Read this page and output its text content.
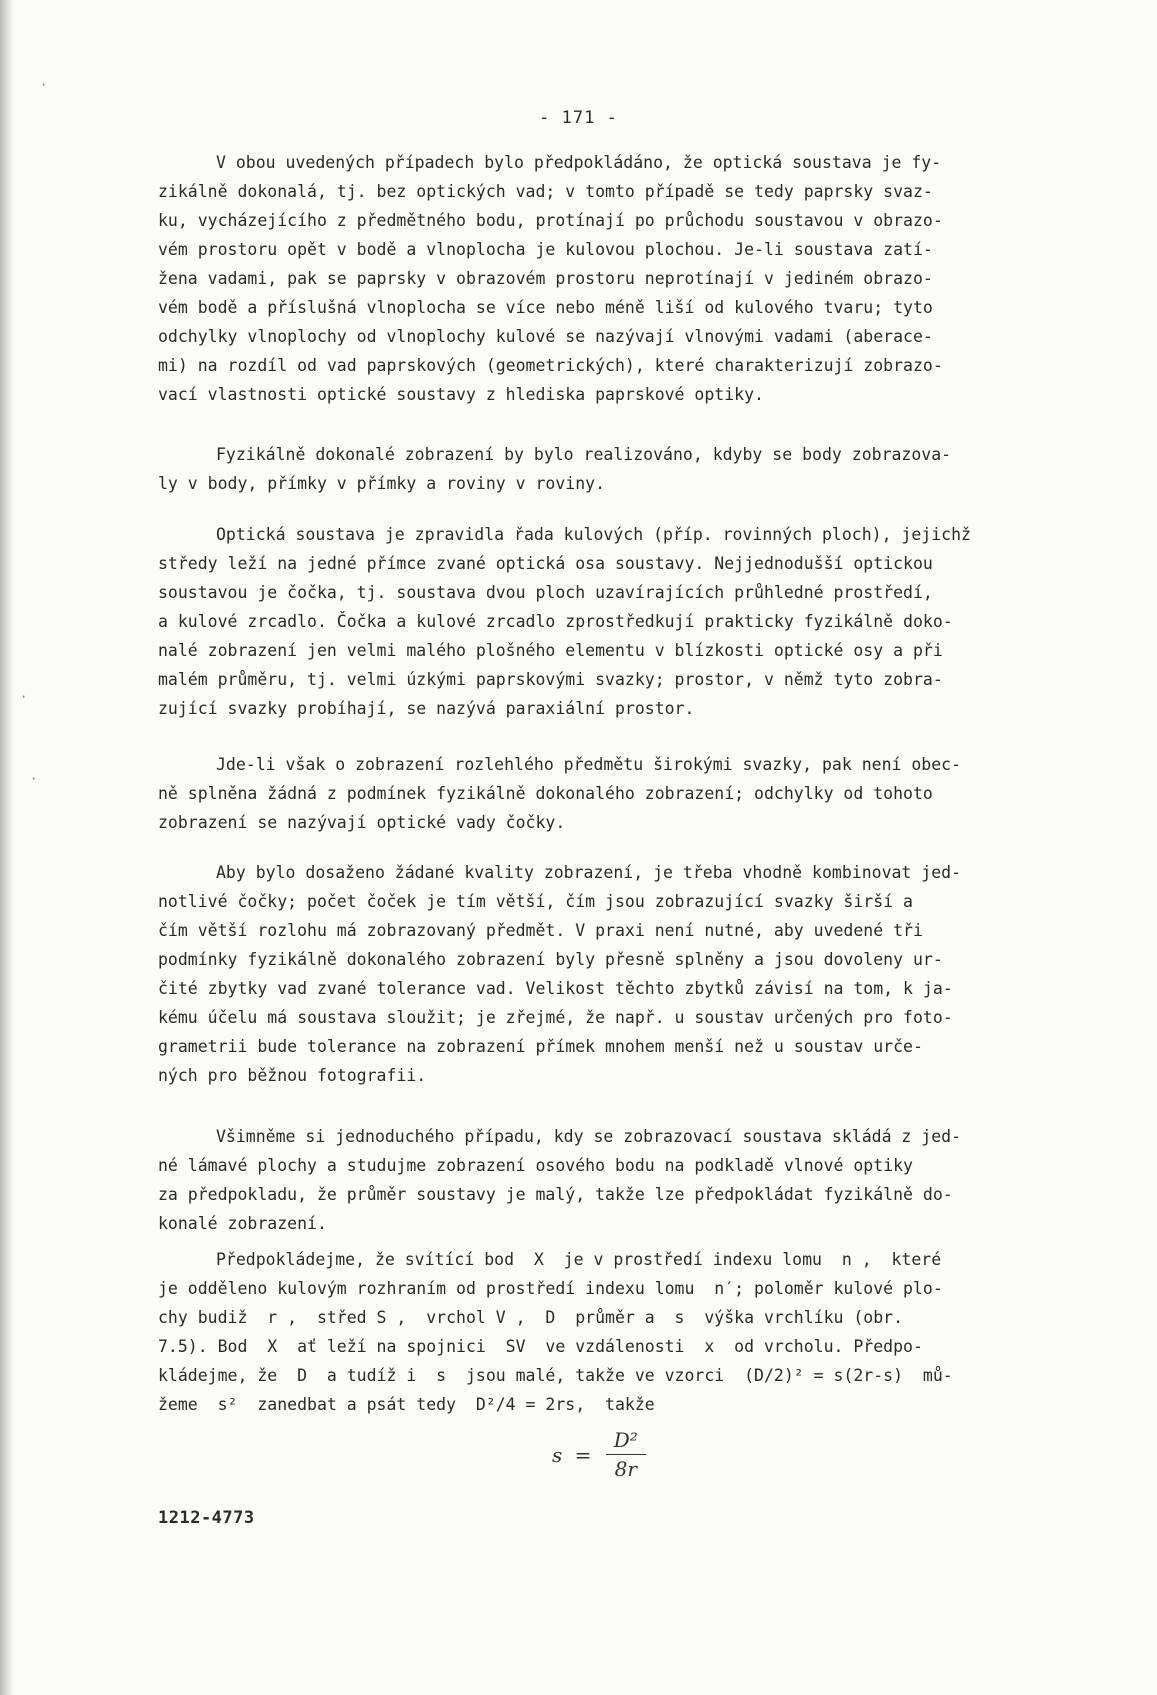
·
·
·
- 171 -
V obou uvedených případech bylo předpokládáno, že optická soustava je fy-
zikálně dokonalá, tj. bez optických vad; v tomto případě se tedy paprsky svaz-
ku, vycházejícího z předmětného bodu, protínají po průchodu soustavou v obrazo-
vém prostoru opět v bodě a vlnoplocha je kulovou plochou. Je-li soustava zatí-
žena vadami, pak se paprsky v obrazovém prostoru neprotínají v jediném obrazo-
vém bodě a příslušná vlnoplocha se více nebo méně liší od kulového tvaru; tyto
odchylky vlnoplochy od vlnoplochy kulové se nazývají vlnovými vadami (aberace-
mi) na rozdíl od vad paprskových (geometrických), které charakterizují zobrazo-
vací vlastnosti optické soustavy z hlediska paprskové optiky.
Fyzikálně dokonalé zobrazení by bylo realizováno, kdyby se body zobrazova-
ly v body, přímky v přímky a roviny v roviny.
Optická soustava je zpravidla řada kulových (příp. rovinných ploch), jejichž
středy leží na jedné přímce zvané optická osa soustavy. Nejjednodušší optickou
soustavou je čočka, tj. soustava dvou ploch uzavírajících průhledné prostředí,
a kulové zrcadlo. Čočka a kulové zrcadlo zprostředkují prakticky fyzikálně doko-
nalé zobrazení jen velmi malého plošného elementu v blízkosti optické osy a při
malém průměru, tj. velmi úzkými paprskovými svazky; prostor, v němž tyto zobra-
zující svazky probíhají, se nazývá paraxiální prostor.
Jde-li však o zobrazení rozlehlého předmětu širokými svazky, pak není obec-
ně splněna žádná z podmínek fyzikálně dokonalého zobrazení; odchylky od tohoto
zobrazení se nazývají optické vady čočky.
Aby bylo dosaženo žádané kvality zobrazení, je třeba vhodně kombinovat jed-
notlivé čočky; počet čoček je tím větší, čím jsou zobrazující svazky širší a
čím větší rozlohu má zobrazovaný předmět. V praxi není nutné, aby uvedené tři
podmínky fyzikálně dokonalého zobrazení byly přesně splněny a jsou dovoleny ur-
čité zbytky vad zvané tolerance vad. Velikost těchto zbytků závisí na tom, k ja-
kému účelu má soustava sloužit; je zřejmé, že např. u soustav určených pro foto-
grametrii bude tolerance na zobrazení přímek mnohem menší než u soustav urče-
ných pro běžnou fotografii.
Všimněme si jednoduchého případu, kdy se zobrazovací soustava skládá z jed-
né lámavé plochy a studujme zobrazení osového bodu na podkladě vlnové optiky
za předpokladu, že průměr soustavy je malý, takže lze předpokládat fyzikálně do-
konalé zobrazení.
Předpokládejme, že svítící bod  X  je v prostředí indexu lomu  n ,  které
je odděleno kulovým rozhraním od prostředí indexu lomu  n′; poloměr kulové plo-
chy budiž  r ,  střed S ,  vrchol V ,  D  průměr a  s  výška vrchlíku (obr.
7.5). Bod  X  ať leží na spojnici  SV  ve vzdálenosti  x  od vrcholu. Předpo-
kládejme, že  D  a tudíž i  s  jsou malé, takže ve vzorci  (D/2)² = s(2r-s)  mů-
žeme  s²  zanedbat a psát tedy  D²/4 = 2rs,  takže
$s = \frac{\text{D²}}{8r}$
1212-4773
